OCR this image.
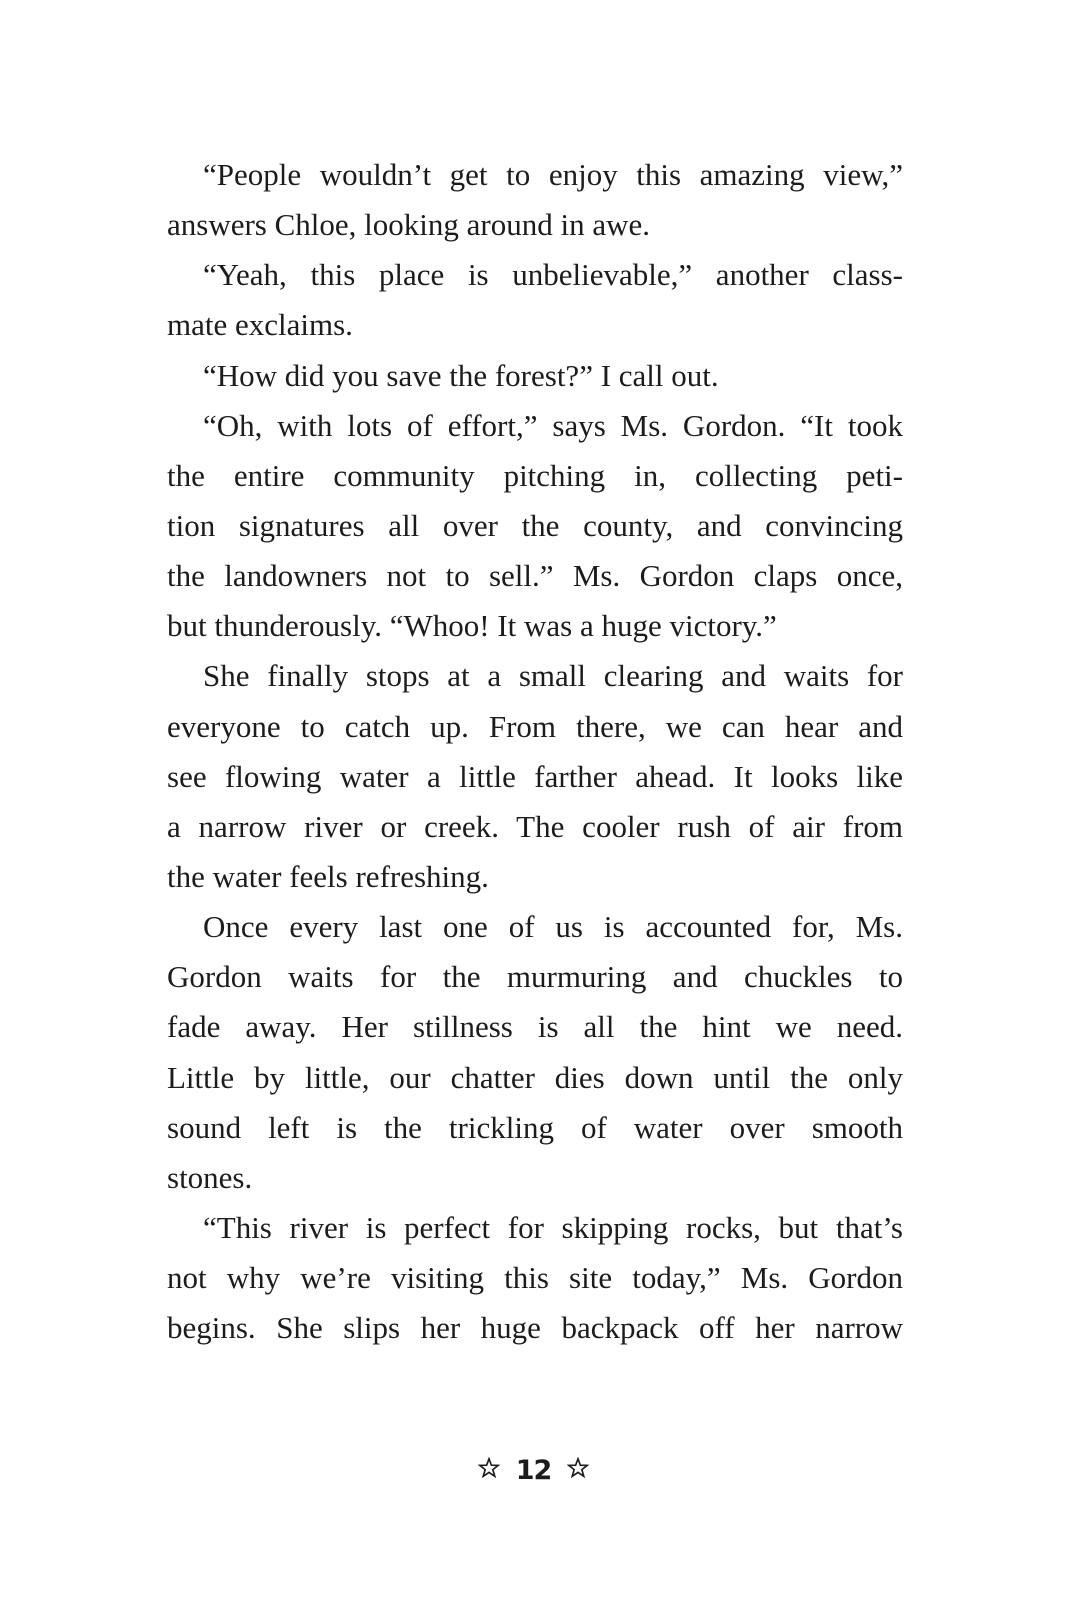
“People wouldn’t get to enjoy this amazing view,”
answers Chloe, looking around in awe.
“Yeah, this place is unbelievable,” another class-
mate exclaims.
“How did you save the forest?” I call out.
“Oh, with lots of effort,” says Ms. Gordon. “It took
the entire community pitching in, collecting peti-
tion signatures all over the county, and convincing
the landowners not to sell.” Ms. Gordon claps once,
but thunderously. “Whoo! It was a huge victory.”
She finally stops at a small clearing and waits for
everyone to catch up. From there, we can hear and
see flowing water a little farther ahead. It looks like
a narrow river or creek. The cooler rush of air from
the water feels refreshing.
Once every last one of us is accounted for, Ms.
Gordon waits for the murmuring and chuckles to
fade away. Her stillness is all the hint we need.
Little by little, our chatter dies down until the only
sound left is the trickling of water over smooth
stones.
“This river is perfect for skipping rocks, but that’s
not why we’re visiting this site today,” Ms. Gordon
begins. She slips her huge backpack off her narrow
12
